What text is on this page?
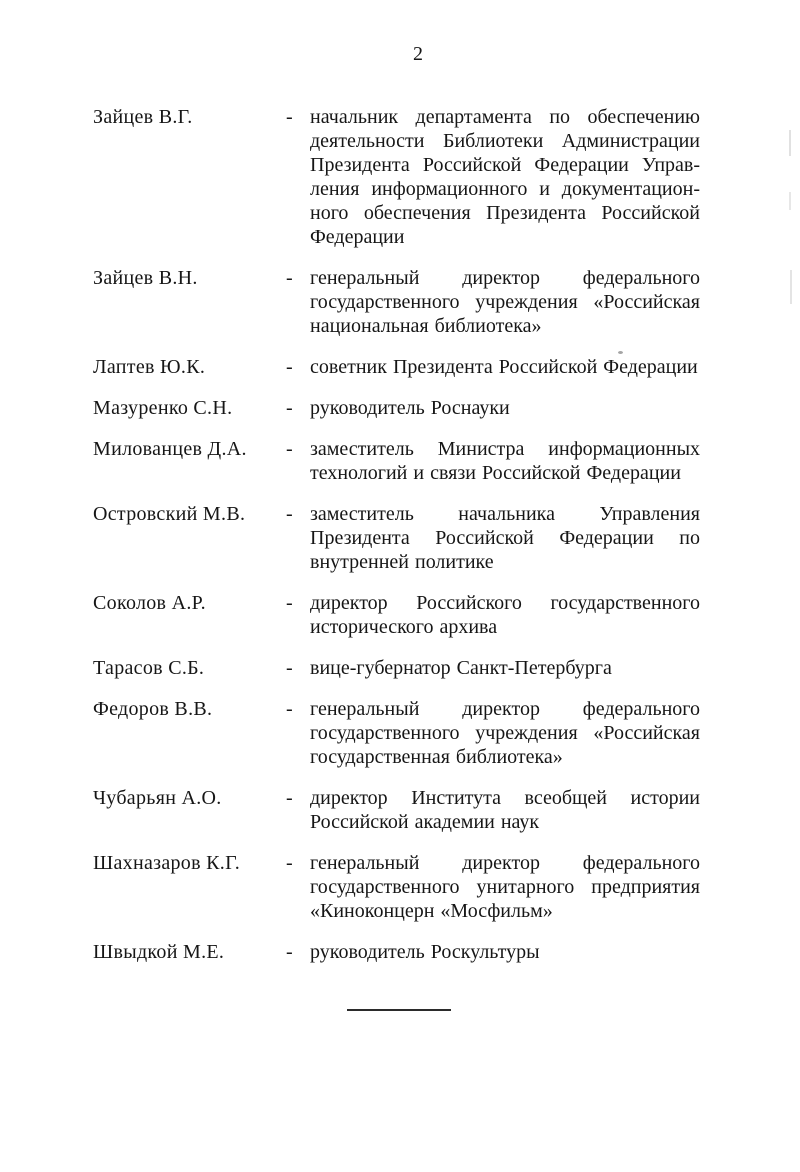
2
Зайцев В.Г.	- начальник департамента по обеспечению
деятельности Библиотеки Администрации
Президента Российской Федерации Управ-
ления информационного и документацион-
ного обеспечения Президента Российской
Федерации
Зайцев В.Н.	- генеральный директор федерального
государственного учреждения «Российская
национальная библиотека»
Лаптев Ю.К.	- советник Президента Российской Федерации
Мазуренко С.Н.	- руководитель Роснауки
Милованцев Д.А.	- заместитель Министра информационных
технологий и связи Российской Федерации
Островский М.В.	- заместитель начальника Управления
Президента Российской Федерации по
внутренней политике
Соколов А.Р.	- директор Российского государственного
исторического архива
Тарасов С.Б.	- вице-губернатор Санкт-Петербурга
Федоров В.В.	- генеральный директор федерального
государственного учреждения «Российская
государственная библиотека»
Чубарьян А.О.	- директор Института всеобщей истории
Российской академии наук
Шахназаров К.Г.	- генеральный директор федерального
государственного унитарного предприятия
«Киноконцерн «Мосфильм»
Швыдкой М.Е.	- руководитель Роскультуры
